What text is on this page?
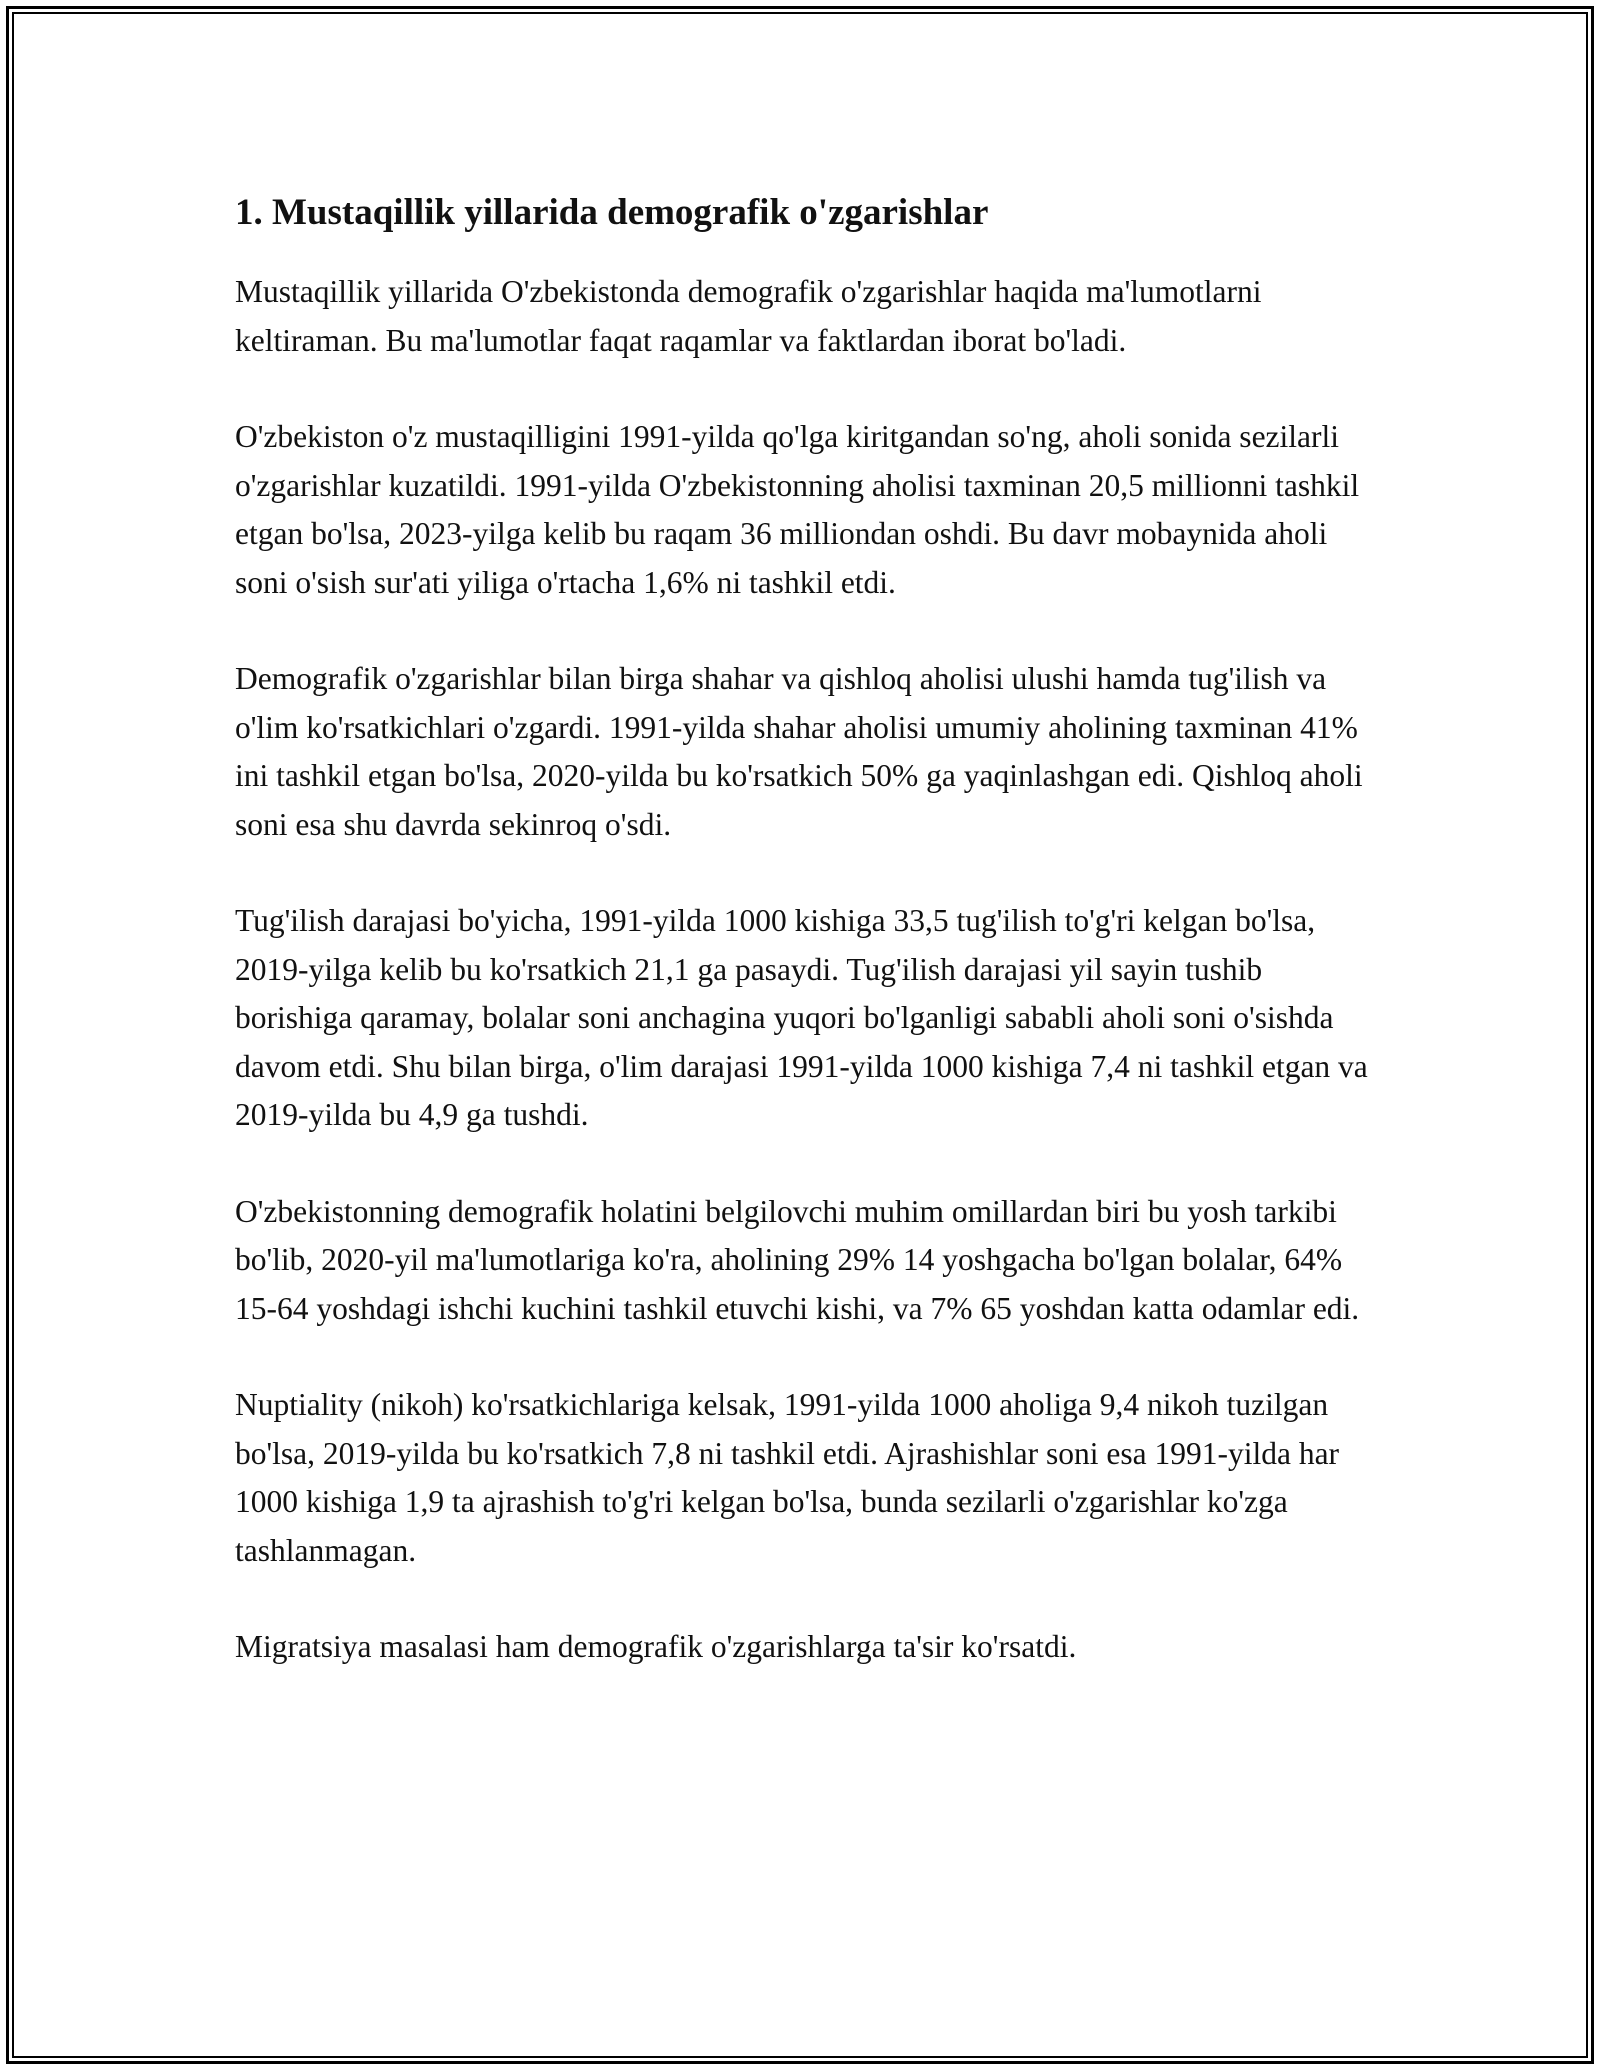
1. Mustaqillik yillarida demografik o'zgarishlar

Mustaqillik yillarida O'zbekistonda demografik o'zgarishlar haqida ma'lumotlarni keltiraman. Bu ma'lumotlar faqat raqamlar va faktlardan iborat bo'ladi.

O'zbekiston o'z mustaqilligini 1991-yilda qo'lga kiritgandan so'ng, aholi sonida sezilarli o'zgarishlar kuzatildi. 1991-yilda O'zbekistonning aholisi taxminan 20,5 millionni tashkil etgan bo'lsa, 2023-yilga kelib bu raqam 36 milliondan oshdi. Bu davr mobaynida aholi soni o'sish sur'ati yiliga o'rtacha 1,6% ni tashkil etdi.

Demografik o'zgarishlar bilan birga shahar va qishloq aholisi ulushi hamda tug'ilish va o'lim ko'rsatkichlari o'zgardi. 1991-yilda shahar aholisi umumiy aholining taxminan 41% ini tashkil etgan bo'lsa, 2020-yilda bu ko'rsatkich 50% ga yaqinlashgan edi. Qishloq aholi soni esa shu davrda sekinroq o'sdi.

Tug'ilish darajasi bo'yicha, 1991-yilda 1000 kishiga 33,5 tug'ilish to'g'ri kelgan bo'lsa, 2019-yilga kelib bu ko'rsatkich 21,1 ga pasaydi. Tug'ilish darajasi yil sayin tushib borishiga qaramay, bolalar soni anchagina yuqori bo'lganligi sababli aholi soni o'sishda davom etdi. Shu bilan birga, o'lim darajasi 1991-yilda 1000 kishiga 7,4 ni tashkil etgan va 2019-yilda bu 4,9 ga tushdi.

O'zbekistonning demografik holatini belgilovchi muhim omillardan biri bu yosh tarkibi bo'lib, 2020-yil ma'lumotlariga ko'ra, aholining 29% 14 yoshgacha bo'lgan bolalar, 64% 15-64 yoshdagi ishchi kuchini tashkil etuvchi kishi, va 7% 65 yoshdan katta odamlar edi.

Nuptiality (nikoh) ko'rsatkichlariga kelsak, 1991-yilda 1000 aholiga 9,4 nikoh tuzilgan bo'lsa, 2019-yilda bu ko'rsatkich 7,8 ni tashkil etdi. Ajrashishlar soni esa 1991-yilda har 1000 kishiga 1,9 ta ajrashish to'g'ri kelgan bo'lsa, bunda sezilarli o'zgarishlar ko'zga tashlanmagan.

Migratsiya masalasi ham demografik o'zgarishlarga ta'sir ko'rsatdi.
